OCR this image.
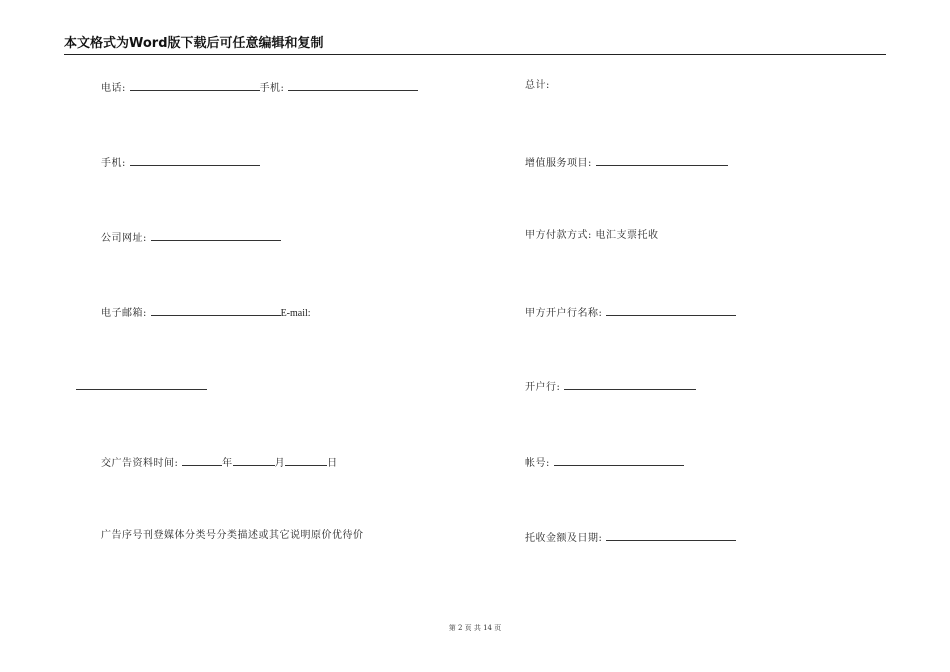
本文格式为Word版下载后可任意编辑和复制
电话:	手机:
手机:
公司网址:
电子邮箱:	E-mail:
交广告资料时间:	年	月	日
广告序号刊登媒体分类号分类描述或其它说明原价优待价
总计:
增值服务项目:
甲方付款方式: 电汇支票托收
甲方开户行名称:
开户行:
帐号:
托收金额及日期:
第 2 页 共 14 页
